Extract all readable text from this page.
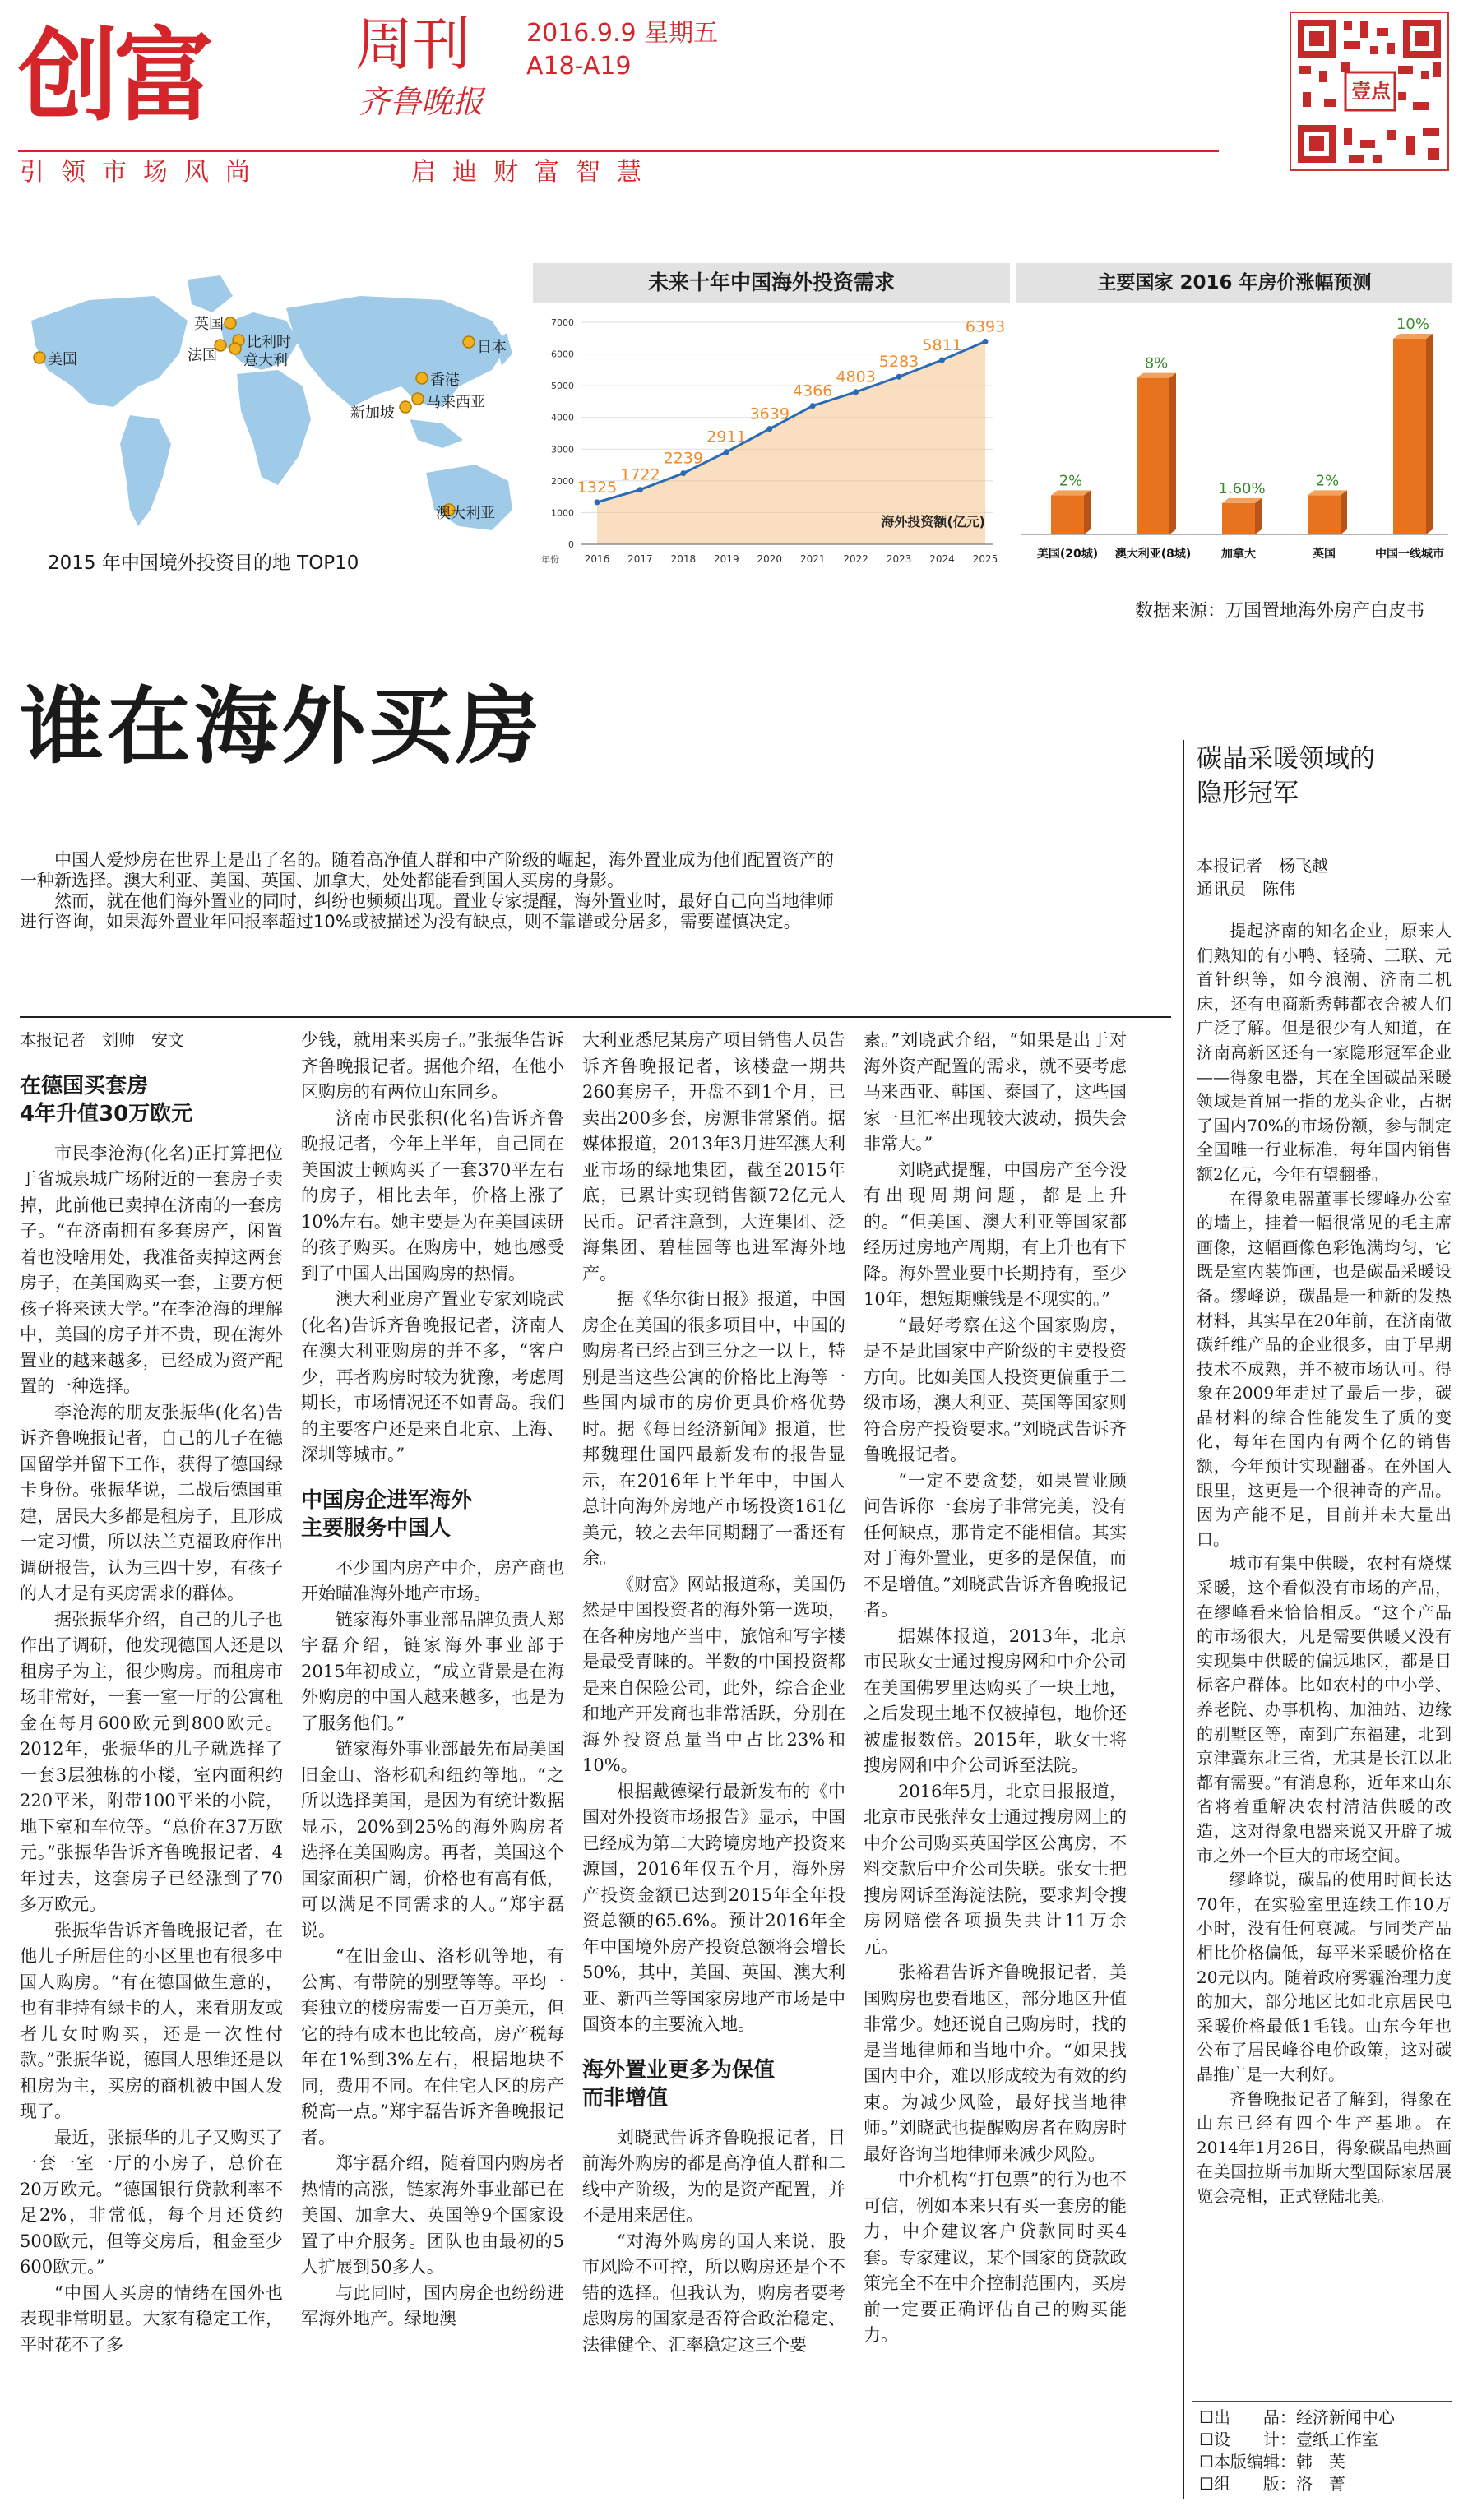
创富	周刊
齐鲁晚报
2016.9.9 星期五
A18-A19
引领市场风尚	启迪财富智慧
壹点
美国
英国
比利时
法国 意大利
日本
香港
新加坡
马来西亚
澳大利亚
2015 年中国境外投资目的地 TOP10
未来十年中国海外投资需求
0
1000
2000
3000
4000
5000
6000
7000
1325
2016
1722
2017
2239
2018
2911
2019
3639
2020
4366
2021
4803
2022
5283
2023
5811
2024
6393
2025
年份
海外投资额(亿元)
主要国家 2016 年房价涨幅预测
2%
美国(20城)
8%
澳大利亚(8城)
1.60%
加拿大
2%
英国
10%
中国一线城市
数据来源：万国置地海外房产白皮书
谁在海外买房

中国人爱炒房在世界上是出了名的。随着高净值人群和中产阶级的崛起，海外置业成为他们配置资产的一种新选择。澳大利亚、美国、英国、加拿大，处处都能看到国人买房的身影。

然而，就在他们海外置业的同时，纠纷也频频出现。置业专家提醒，海外置业时，最好自己向当地律师进行咨询，如果海外置业年回报率超过10%或被描述为没有缺点，则不靠谱或分居多，需要谨慎决定。

本报记者　刘帅　安文
在德国买套房
4年升值30万欧元

市民李沧海(化名)正打算把位于省城泉城广场附近的一套房子卖掉，此前他已卖掉在济南的一套房子。“在济南拥有多套房产，闲置着也没啥用处，我准备卖掉这两套房子，在美国购买一套，主要方便孩子将来读大学。”在李沧海的理解中，美国的房子并不贵，现在海外置业的越来越多，已经成为资产配置的一种选择。

李沧海的朋友张振华(化名)告诉齐鲁晚报记者，自己的儿子在德国留学并留下工作，获得了德国绿卡身份。张振华说，二战后德国重建，居民大多都是租房子，且形成一定习惯，所以法兰克福政府作出调研报告，认为三四十岁，有孩子的人才是有买房需求的群体。

据张振华介绍，自己的儿子也作出了调研，他发现德国人还是以租房子为主，很少购房。而租房市场非常好，一套一室一厅的公寓租金在每月600欧元到800欧元。2012年，张振华的儿子就选择了一套3层独栋的小楼，室内面积约220平米，附带100平米的小院，地下室和车位等。“总价在37万欧元。”张振华告诉齐鲁晚报记者，4年过去，这套房子已经涨到了70多万欧元。

张振华告诉齐鲁晚报记者，在他儿子所居住的小区里也有很多中国人购房。“有在德国做生意的，也有非持有绿卡的人，来看朋友或者儿女时购买，还是一次性付款。”张振华说，德国人思维还是以租房为主，买房的商机被中国人发现了。

最近，张振华的儿子又购买了一套一室一厅的小房子，总价在20万欧元。“德国银行贷款利率不足2%，非常低，每个月还贷约500欧元，但等交房后，租金至少600欧元。”

“中国人买房的情绪在国外也表现非常明显。大家有稳定工作，平时花不了多

少钱，就用来买房子。”张振华告诉齐鲁晚报记者。据他介绍，在他小区购房的有两位山东同乡。

济南市民张积(化名)告诉齐鲁晚报记者，今年上半年，自己同在美国波士顿购买了一套370平左右的房子，相比去年，价格上涨了10%左右。她主要是为在美国读研的孩子购买。在购房中，她也感受到了中国人出国购房的热情。

澳大利亚房产置业专家刘晓武(化名)告诉齐鲁晚报记者，济南人在澳大利亚购房的并不多，“客户少，再者购房时较为犹豫，考虑周期长，市场情况还不如青岛。我们的主要客户还是来自北京、上海、深圳等城市。”

中国房企进军海外
主要服务中国人

不少国内房产中介，房产商也开始瞄准海外地产市场。

链家海外事业部品牌负责人郑宇磊介绍，链家海外事业部于2015年初成立，“成立背景是在海外购房的中国人越来越多，也是为了服务他们。”

链家海外事业部最先布局美国旧金山、洛杉矶和纽约等地。“之所以选择美国，是因为有统计数据显示，20%到25%的海外购房者选择在美国购房。再者，美国这个国家面积广阔，价格也有高有低，可以满足不同需求的人。”郑宇磊说。

“在旧金山、洛杉矶等地，有公寓、有带院的别墅等等。平均一套独立的楼房需要一百万美元，但它的持有成本也比较高，房产税每年在1%到3%左右，根据地块不同，费用不同。在住宅人区的房产税高一点。”郑宇磊告诉齐鲁晚报记者。

郑宇磊介绍，随着国内购房者热情的高涨，链家海外事业部已在美国、加拿大、英国等9个国家设置了中介服务。团队也由最初的5人扩展到50多人。

与此同时，国内房企也纷纷进军海外地产。绿地澳

大利亚悉尼某房产项目销售人员告诉齐鲁晚报记者，该楼盘一期共260套房子，开盘不到1个月，已卖出200多套，房源非常紧俏。据媒体报道，2013年3月进军澳大利亚市场的绿地集团，截至2015年底，已累计实现销售额72亿元人民币。记者注意到，大连集团、泛海集团、碧桂园等也进军海外地产。

据《华尔街日报》报道，中国房企在美国的很多项目中，中国的购房者已经占到三分之一以上，特别是当这些公寓的价格比上海等一些国内城市的房价更具价格优势时。据《每日经济新闻》报道，世邦魏理仕国四最新发布的报告显示，在2016年上半年中，中国人总计向海外房地产市场投资161亿美元，较之去年同期翻了一番还有余。

《财富》网站报道称，美国仍然是中国投资者的海外第一选项，在各种房地产当中，旅馆和写字楼是最受青睐的。半数的中国投资都是来自保险公司，此外，综合企业和地产开发商也非常活跃，分别在海外投资总量当中占比23%和10%。

根据戴德梁行最新发布的《中国对外投资市场报告》显示，中国已经成为第二大跨境房地产投资来源国，2016年仅五个月，海外房产投资金额已达到2015年全年投资总额的65.6%。预计2016年全年中国境外房产投资总额将会增长50%，其中，美国、英国、澳大利亚、新西兰等国家房地产市场是中国资本的主要流入地。

海外置业更多为保值
而非增值

刘晓武告诉齐鲁晚报记者，目前海外购房的都是高净值人群和二线中产阶级，为的是资产配置，并不是用来居住。

“对海外购房的国人来说，股市风险不可控，所以购房还是个不错的选择。但我认为，购房者要考虑购房的国家是否符合政治稳定、法律健全、汇率稳定这三个要

素。”刘晓武介绍，“如果是出于对海外资产配置的需求，就不要考虑马来西亚、韩国、泰国了，这些国家一旦汇率出现较大波动，损失会非常大。”

刘晓武提醒，中国房产至今没有出现周期问题，都是上升的。“但美国、澳大利亚等国家都经历过房地产周期，有上升也有下降。海外置业要中长期持有，至少10年，想短期赚钱是不现实的。”

“最好考察在这个国家购房，是不是此国家中产阶级的主要投资方向。比如美国人投资更偏重于二级市场，澳大利亚、英国等国家则符合房产投资要求。”刘晓武告诉齐鲁晚报记者。

“一定不要贪婪，如果置业顾问告诉你一套房子非常完美，没有任何缺点，那肯定不能相信。其实对于海外置业，更多的是保值，而不是增值。”刘晓武告诉齐鲁晚报记者。

据媒体报道，2013年，北京市民耿女士通过搜房网和中介公司在美国佛罗里达购买了一块土地，之后发现土地不仅被掉包，地价还被虚报数倍。2015年，耿女士将搜房网和中介公司诉至法院。

2016年5月，北京日报报道，北京市民张萍女士通过搜房网上的中介公司购买英国学区公寓房，不料交款后中介公司失联。张女士把搜房网诉至海淀法院，要求判令搜房网赔偿各项损失共计11万余元。

张裕君告诉齐鲁晚报记者，美国购房也要看地区，部分地区升值非常少。她还说自己购房时，找的是当地律师和当地中介。“如果找国内中介，难以形成较为有效的约束。为减少风险，最好找当地律师。”刘晓武也提醒购房者在购房时最好咨询当地律师来减少风险。

中介机构“打包票”的行为也不可信，例如本来只有买一套房的能力，中介建议客户贷款同时买4套。专家建议，某个国家的贷款政策完全不在中介控制范围内，买房前一定要正确评估自己的购买能力。

碳晶采暖领域的
隐形冠军
本报记者　杨飞越
通讯员　陈伟

提起济南的知名企业，原来人们熟知的有小鸭、轻骑、三联、元首针织等，如今浪潮、济南二机床，还有电商新秀韩都衣舍被人们广泛了解。但是很少有人知道，在济南高新区还有一家隐形冠军企业——得象电器，其在全国碳晶采暖领域是首屈一指的龙头企业，占据了国内70%的市场份额，参与制定全国唯一行业标准，每年国内销售额2亿元，今年有望翻番。

在得象电器董事长缪峰办公室的墙上，挂着一幅很常见的毛主席画像，这幅画像色彩饱满均匀，它既是室内装饰画，也是碳晶采暖设备。缪峰说，碳晶是一种新的发热材料，其实早在20年前，在济南做碳纤维产品的企业很多，由于早期技术不成熟，并不被市场认可。得象在2009年走过了最后一步，碳晶材料的综合性能发生了质的变化，每年在国内有两个亿的销售额，今年预计实现翻番。在外国人眼里，这更是一个很神奇的产品。因为产能不足，目前并未大量出口。

城市有集中供暖，农村有烧煤采暖，这个看似没有市场的产品，在缪峰看来恰恰相反。“这个产品的市场很大，凡是需要供暖又没有实现集中供暖的偏远地区，都是目标客户群体。比如农村的中小学、养老院、办事机构、加油站、边缘的别墅区等，南到广东福建，北到京津冀东北三省，尤其是长江以北都有需要。”有消息称，近年来山东省将着重解决农村清洁供暖的改造，这对得象电器来说又开辟了城市之外一个巨大的市场空间。

缪峰说，碳晶的使用时间长达70年，在实验室里连续工作10万小时，没有任何衰减。与同类产品相比价格偏低，每平米采暖价格在20元以内。随着政府雾霾治理力度的加大，部分地区比如北京居民电采暖价格最低1毛钱。山东今年也公布了居民峰谷电价政策，这对碳晶推广是一大利好。

齐鲁晚报记者了解到，得象在山东已经有四个生产基地。在2014年1月26日，得象碳晶电热画在美国拉斯韦加斯大型国际家居展览会亮相，正式登陆北美。

☐出　　品：经济新闻中心
☐设　　计：壹纸工作室
☐本版编辑：韩　芙
☐组　　版：洛　菁
